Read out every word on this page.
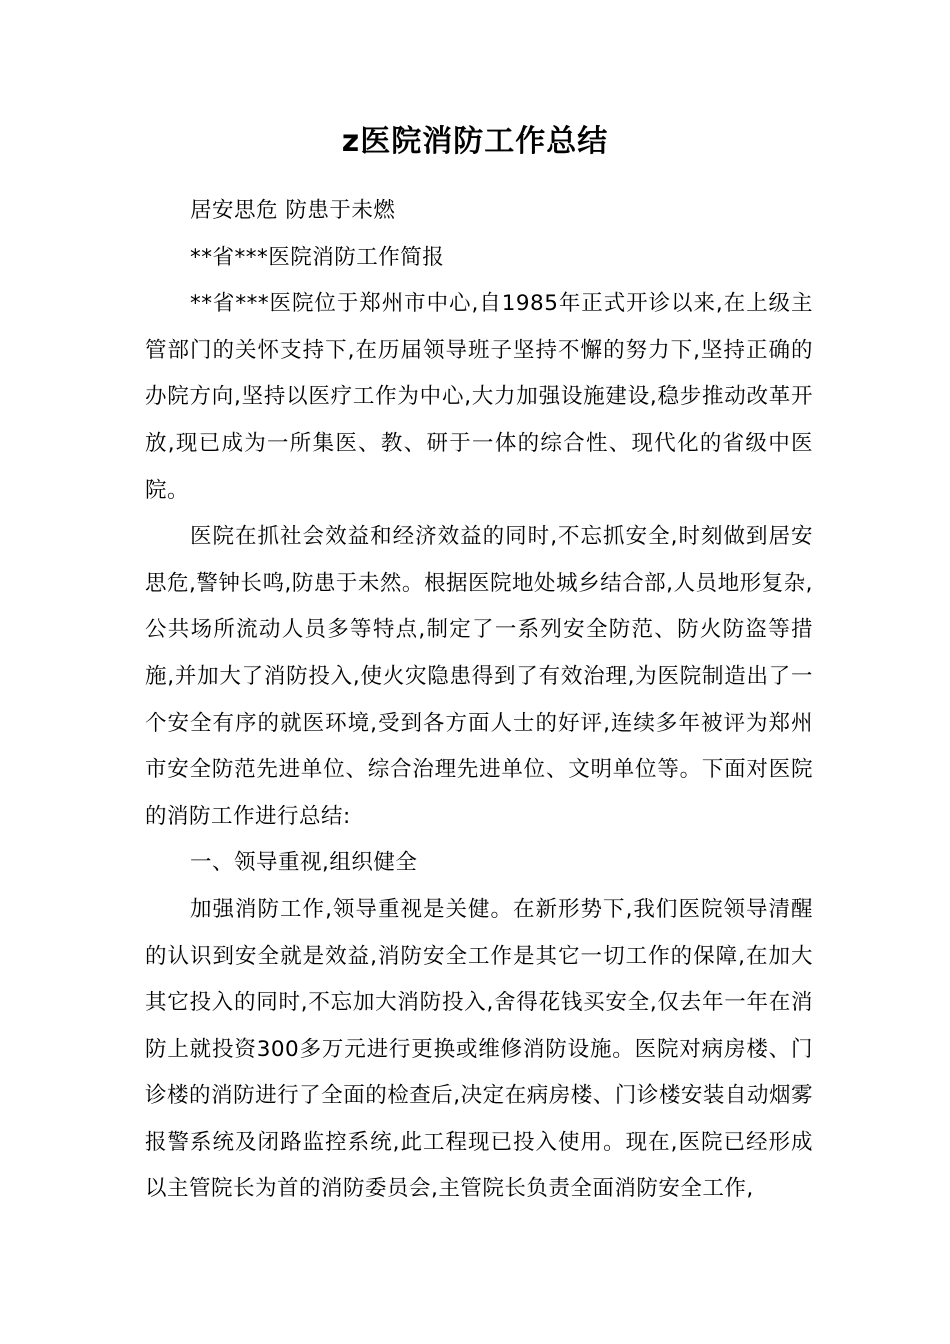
z医院消防工作总结

居安思危 防患于未燃

**省***医院消防工作简报

**省***医院位于郑州市中心,自1985年正式开诊以来,在上级主管部门的关怀支持下,在历届领导班子坚持不懈的努力下,坚持正确的办院方向,坚持以医疗工作为中心,大力加强设施建设,稳步推动改革开放,现已成为一所集医、教、研于一体的综合性、现代化的省级中医院。

医院在抓社会效益和经济效益的同时,不忘抓安全,时刻做到居安思危,警钟长鸣,防患于未然。根据医院地处城乡结合部,人员地形复杂,公共场所流动人员多等特点,制定了一系列安全防范、防火防盗等措施,并加大了消防投入,使火灾隐患得到了有效治理,为医院制造出了一个安全有序的就医环境,受到各方面人士的好评,连续多年被评为郑州市安全防范先进单位、综合治理先进单位、文明单位等。下面对医院的消防工作进行总结:

一、领导重视,组织健全

加强消防工作,领导重视是关健。在新形势下,我们医院领导清醒的认识到安全就是效益,消防安全工作是其它一切工作的保障,在加大其它投入的同时,不忘加大消防投入,舍得花钱买安全,仅去年一年在消防上就投资300多万元进行更换或维修消防设施。医院对病房楼、门诊楼的消防进行了全面的检查后,决定在病房楼、门诊楼安装自动烟雾报警系统及闭路监控系统,此工程现已投入使用。现在,医院已经形成以主管院长为首的消防委员会,主管院长负责全面消防安全工作,
